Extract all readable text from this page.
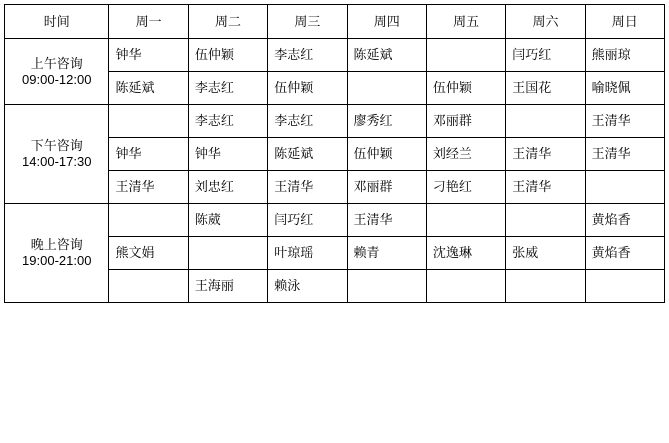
时间	周一	周二	周三	周四	周五	周六	周日

上午咨询
09:00-12:00	钟华	伍仲颖	李志红	陈延斌		闫巧红	熊丽琼
	陈延斌	李志红	伍仲颖		伍仲颖	王国花	喻晓佩

下午咨询
14:00-17:30		李志红	李志红	廖秀红	邓丽群		王清华
	钟华	钟华	陈延斌	伍仲颖	刘经兰	王清华	王清华
	王清华	刘忠红	王清华	邓丽群	刁艳红	王清华	

晚上咨询
19:00-21:00		陈葳	闫巧红	王清华			黄焰香
	熊文娟		叶琼瑶	赖青	沈逸琳	张威	黄焰香
		王海丽	赖泳				
